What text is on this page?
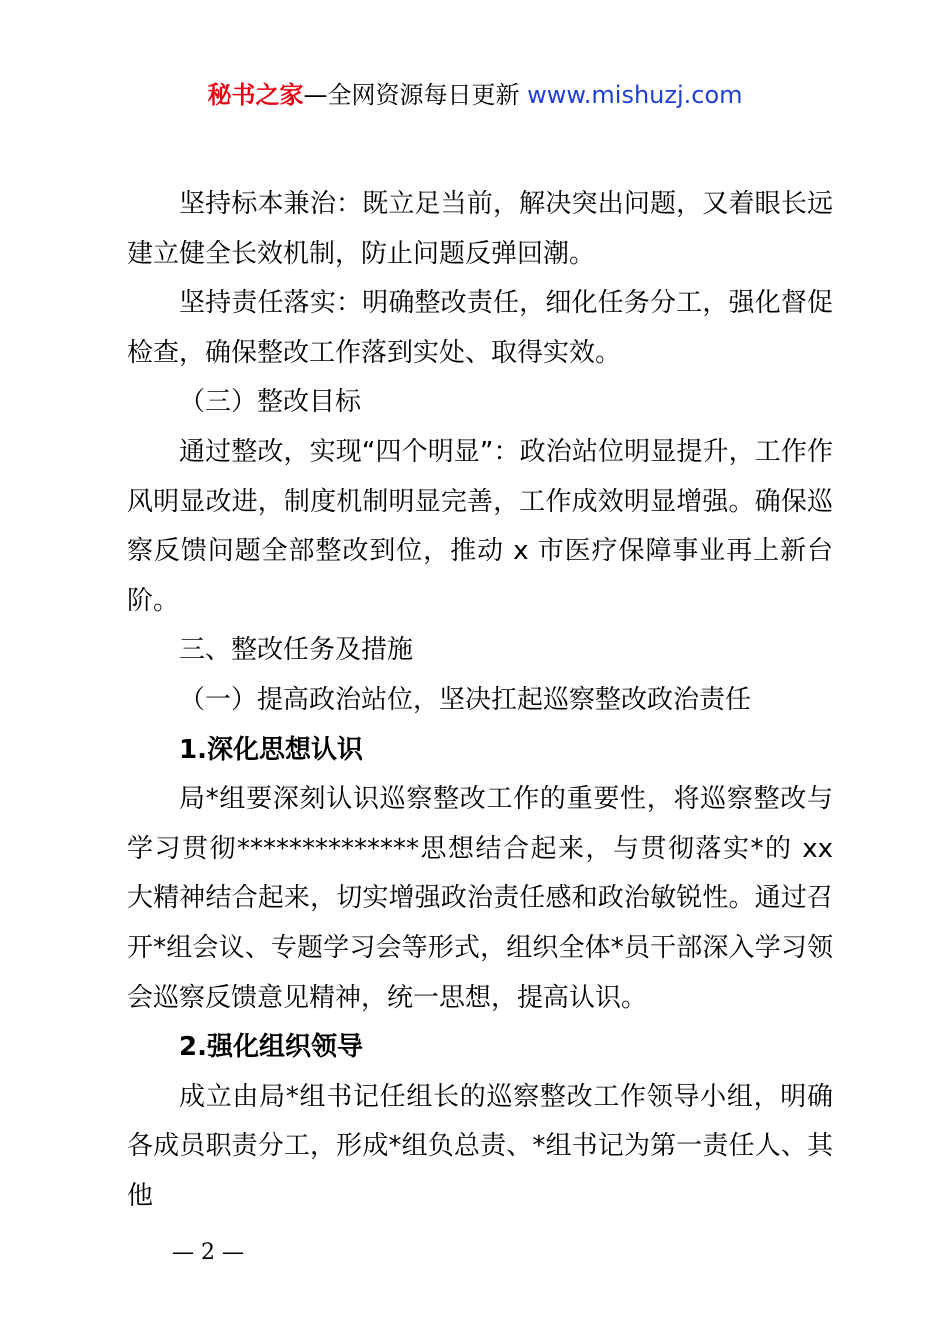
秘书之家—全网资源每日更新 www.mishuzj.com

坚持标本兼治：既立足当前，解决突出问题，又着眼长远建立健全长效机制，防止问题反弹回潮。

坚持责任落实：明确整改责任，细化任务分工，强化督促检查，确保整改工作落到实处、取得实效。

（三）整改目标

通过整改，实现“四个明显”：政治站位明显提升，工作作风明显改进，制度机制明显完善，工作成效明显增强。确保巡察反馈问题全部整改到位，推动 x 市医疗保障事业再上新台阶。

三、整改任务及措施

（一）提高政治站位，坚决扛起巡察整改政治责任

1.深化思想认识

局*组要深刻认识巡察整改工作的重要性，将巡察整改与学习贯彻**************思想结合起来，与贯彻落实*的 xx 大精神结合起来，切实增强政治责任感和政治敏锐性。通过召开*组会议、专题学习会等形式，组织全体*员干部深入学习领会巡察反馈意见精神，统一思想，提高认识。

2.强化组织领导

成立由局*组书记任组长的巡察整改工作领导小组，明确各成员职责分工，形成*组负总责、*组书记为第一责任人、其他

— 2 —
